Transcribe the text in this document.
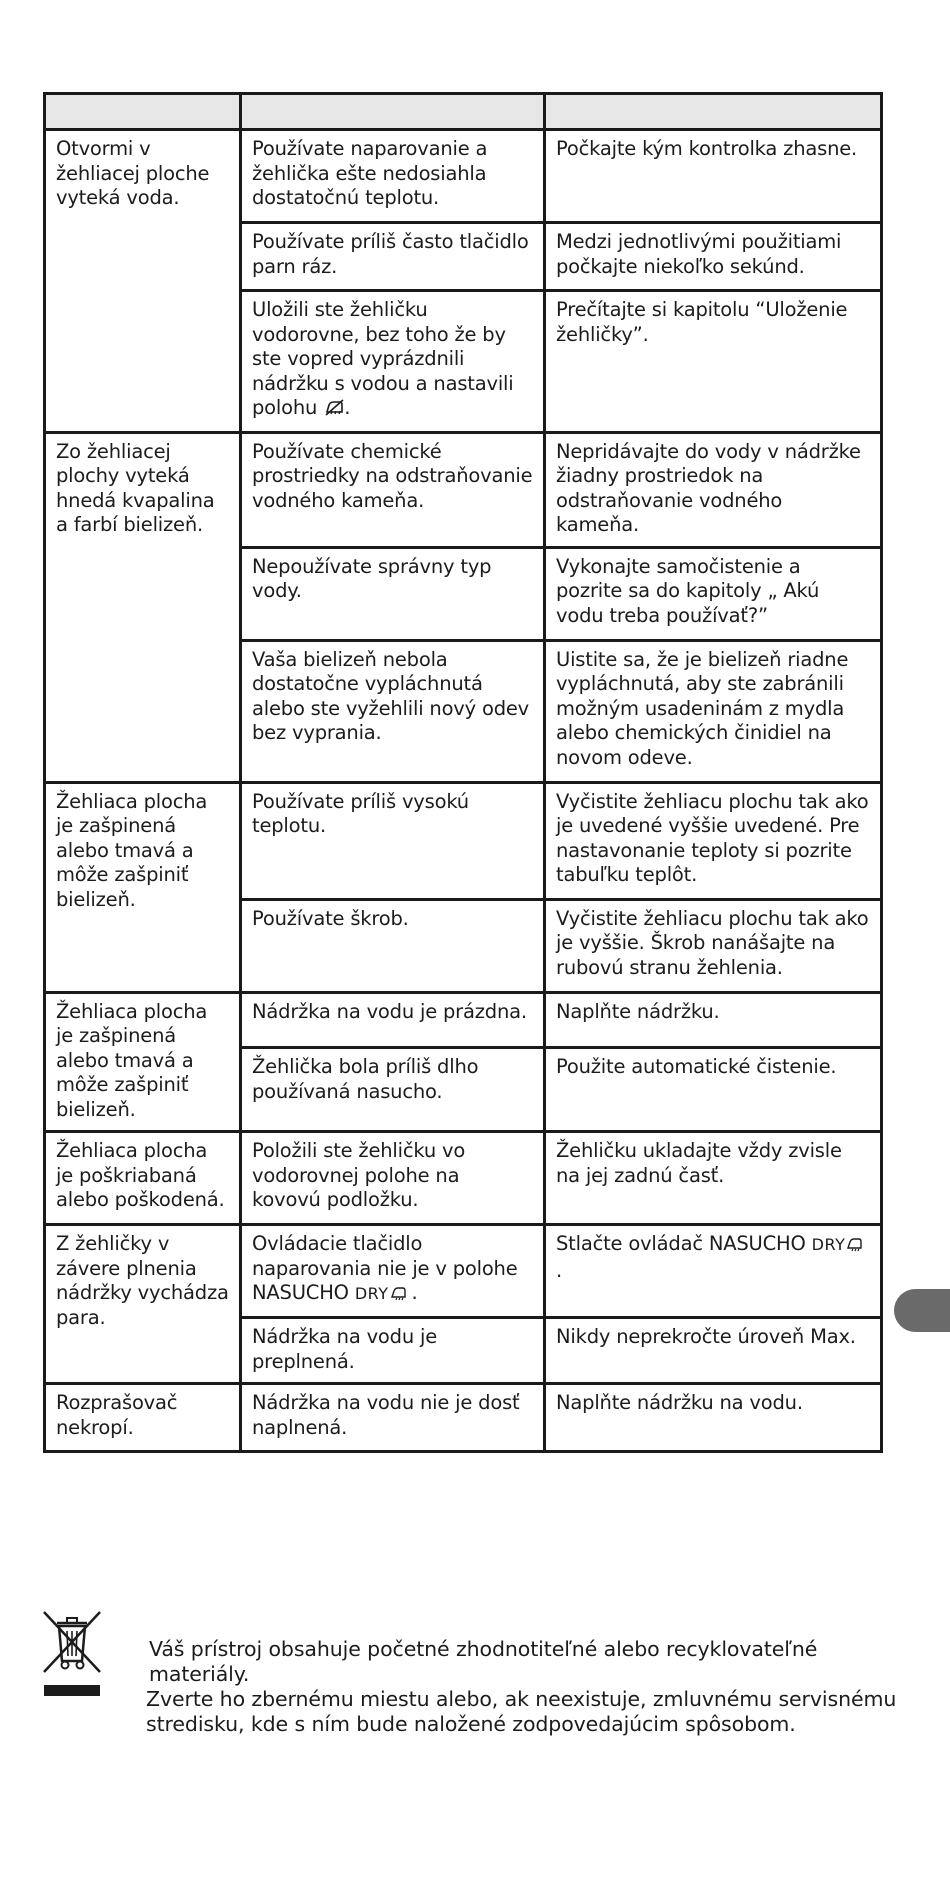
Otvormi v žehliacej ploche vyteká voda.	Používate naparovanie a žehlička ešte nedosiahla dostatočnú teplotu.	Počkajte kým kontrolka zhasne.
	Používate príliš často tlačidlo parn ráz.	Medzi jednotlivými použitiami počkajte niekoľko sekúnd.
	Uložili ste žehličku vodorovne, bez toho že by ste vopred vyprázdnili nádržku s vodou a nastavili polohu .	Prečítajte si kapitolu “Uloženie žehličky”.
Zo žehliacej plochy vyteká hnedá kvapalina a farbí bielizeň.	Používate chemické prostriedky na odstraňovanie vodného kameňa.	Nepridávajte do vody v nádržke žiadny prostriedok na odstraňovanie vodného kameňa.
	Nepoužívate správny typ vody.	Vykonajte samočistenie a pozrite sa do kapitoly „ Akú vodu treba používať?”
	Vaša bielizeň nebola dostatočne vypláchnutá alebo ste vyžehlili nový odev bez vyprania.	Uistite sa, že je bielizeň riadne vypláchnutá, aby ste zabránili možným usadeninám z mydla alebo chemických činidiel na novom odeve.
Žehliaca plocha je zašpinená alebo tmavá a môže zašpiniť bielizeň.	Používate príliš vysokú teplotu.	Vyčistite žehliacu plochu tak ako je uvedené vyššie uvedené. Pre nastavonanie teploty si pozrite tabuľku teplôt.
	Používate škrob.	Vyčistite žehliacu plochu tak ako je vyššie. Škrob nanášajte na rubovú stranu žehlenia.
Žehliaca plocha je zašpinená alebo tmavá a môže zašpiniť bielizeň.	Nádržka na vodu je prázdna.	Naplňte nádržku.
	Žehlička bola príliš dlho používaná nasucho.	Použite automatické čistenie.
Žehliaca plocha je poškriabaná alebo poškodená.	Položili ste žehličku vo vodorovnej polohe na kovovú podložku.	Žehličku ukladajte vždy zvisle na jej zadnú časť.
Z žehličky v závere plnenia nádržky vychádza para.	Ovládacie tlačidlo naparovania nie je v polohe NASUCHO DRY .	Stlačte ovládač NASUCHO DRY .
	Nádržka na vodu je preplnená.	Nikdy neprekročte úroveň Max.
Rozprašovač nekropí.	Nádržka na vodu nie je dosť naplnená.	Naplňte nádržku na vodu.

Váš prístroj obsahuje početné zhodnotiteľné alebo recyklovateľné materiály.

Zverte ho zbernému miestu alebo, ak neexistuje, zmluvnému servisnému

stredisku, kde s ním bude naložené zodpovedajúcim spôsobom.
